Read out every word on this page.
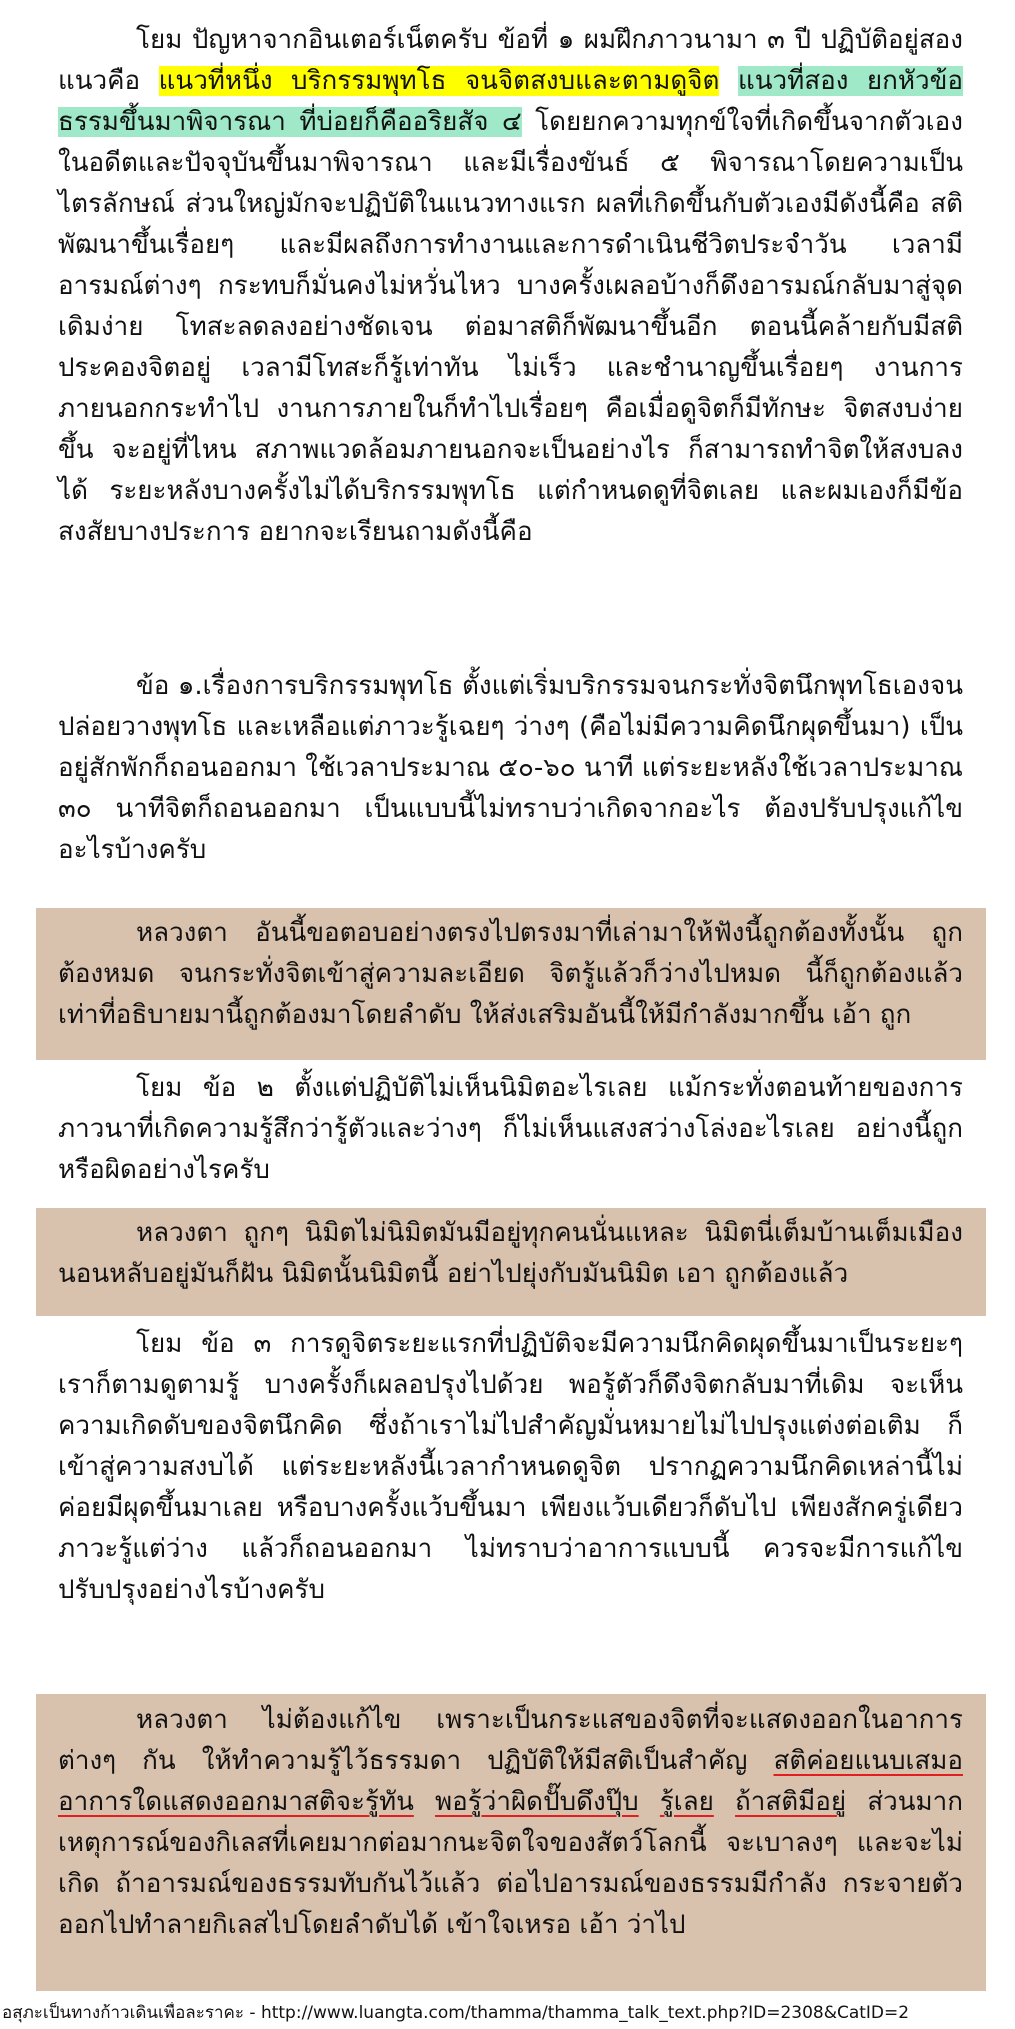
โยม ปัญหาจากอินเตอร์เน็ตครับ ข้อที่ ๑ ผมฝึกภาวนามา ๓ ปี ปฏิบัติอยู่สองแนวคือ แนวที่หนึ่ง บริกรรมพุทโธ จนจิตสงบและตามดูจิต แนวที่สอง ยกหัวข้อธรรมขึ้นมาพิจารณา ที่บ่อยก็คืออริยสัจ ๔ โดยยกความทุกข์ใจที่เกิดขึ้นจากตัวเองในอดีตและปัจจุบันขึ้นมาพิจารณา และมีเรื่องขันธ์ ๕ พิจารณาโดยความเป็นไตรลักษณ์ ส่วนใหญ่มักจะปฏิบัติในแนวทางแรก ผลที่เกิดขึ้นกับตัวเองมีดังนี้คือ สติพัฒนาขึ้นเรื่อยๆ และมีผลถึงการทำงานและการดำเนินชีวิตประจำวัน เวลามีอารมณ์ต่างๆ กระทบก็มั่นคงไม่หวั่นไหว บางครั้งเผลอบ้างก็ดึงอารมณ์กลับมาสู่จุดเดิมง่าย โทสะลดลงอย่างชัดเจน ต่อมาสติก็พัฒนาขึ้นอีก ตอนนี้คล้ายกับมีสติประคองจิตอยู่ เวลามีโทสะก็รู้เท่าทัน ไม่เร็ว และชำนาญขึ้นเรื่อยๆ งานการภายนอกกระทำไป งานการภายในก็ทำไปเรื่อยๆ คือเมื่อดูจิตก็มีทักษะ จิตสงบง่ายขึ้น จะอยู่ที่ไหน สภาพแวดล้อมภายนอกจะเป็นอย่างไร ก็สามารถทำจิตให้สงบลงได้ ระยะหลังบางครั้งไม่ได้บริกรรมพุทโธ แต่กำหนดดูที่จิตเลย และผมเองก็มีข้อสงสัยบางประการ อยากจะเรียนถามดังนี้คือ
ข้อ ๑.เรื่องการบริกรรมพุทโธ ตั้งแต่เริ่มบริกรรมจนกระทั่งจิตนึกพุทโธเองจนปล่อยวางพุทโธ และเหลือแต่ภาวะรู้เฉยๆ ว่างๆ (คือไม่มีความคิดนึกผุดขึ้นมา) เป็นอยู่สักพักก็ถอนออกมา ใช้เวลาประมาณ ๕๐-๖๐ นาที แต่ระยะหลังใช้เวลาประมาณ ๓๐ นาทีจิตก็ถอนออกมา เป็นแบบนี้ไม่ทราบว่าเกิดจากอะไร ต้องปรับปรุงแก้ไขอะไรบ้างครับ
หลวงตา อันนี้ขอตอบอย่างตรงไปตรงมาที่เล่ามาให้ฟังนี้ถูกต้องทั้งนั้น ถูกต้องหมด จนกระทั่งจิตเข้าสู่ความละเอียด จิตรู้แล้วก็ว่างไปหมด นี้ก็ถูกต้องแล้ว เท่าที่อธิบายมานี้ถูกต้องมาโดยลำดับ ให้ส่งเสริมอันนี้ให้มีกำลังมากขึ้น เอ้า ถูก
โยม ข้อ ๒ ตั้งแต่ปฏิบัติไม่เห็นนิมิตอะไรเลย แม้กระทั่งตอนท้ายของการภาวนาที่เกิดความรู้สึกว่ารู้ตัวและว่างๆ ก็ไม่เห็นแสงสว่างโล่งอะไรเลย อย่างนี้ถูกหรือผิดอย่างไรครับ
หลวงตา ถูกๆ นิมิตไม่นิมิตมันมีอยู่ทุกคนนั่นแหละ นิมิตนี่เต็มบ้านเต็มเมือง นอนหลับอยู่มันก็ฝัน นิมิตนั้นนิมิตนี้ อย่าไปยุ่งกับมันนิมิต เอา ถูกต้องแล้ว
โยม ข้อ ๓ การดูจิตระยะแรกที่ปฏิบัติจะมีความนึกคิดผุดขึ้นมาเป็นระยะๆ เราก็ตามดูตามรู้ บางครั้งก็เผลอปรุงไปด้วย พอรู้ตัวก็ดึงจิตกลับมาที่เดิม จะเห็นความเกิดดับของจิตนึกคิด ซึ่งถ้าเราไม่ไปสำคัญมั่นหมายไม่ไปปรุงแต่งต่อเติม ก็เข้าสู่ความสงบได้ แต่ระยะหลังนี้เวลากำหนดดูจิต ปรากฏความนึกคิดเหล่านี้ไม่ค่อยมีผุดขึ้นมาเลย หรือบางครั้งแว้บขึ้นมา เพียงแว้บเดียวก็ดับไป เพียงสักครู่เดียวภาวะรู้แต่ว่าง แล้วก็ถอนออกมา ไม่ทราบว่าอาการแบบนี้ ควรจะมีการแก้ไขปรับปรุงอย่างไรบ้างครับ
หลวงตา ไม่ต้องแก้ไข เพราะเป็นกระแสของจิตที่จะแสดงออกในอาการต่างๆ กัน ให้ทำความรู้ไว้ธรรมดา ปฏิบัติให้มีสติเป็นสำคัญ สติค่อยแนบเสมออาการใดแสดงออกมาสติจะรู้ทัน พอรู้ว่าผิดปั๊บดึงปุ๊บ รู้เลย ถ้าสติมีอยู่ ส่วนมากเหตุการณ์ของกิเลสที่เคยมากต่อมากนะจิตใจของสัตว์โลกนี้ จะเบาลงๆ และจะไม่เกิด ถ้าอารมณ์ของธรรมทับกันไว้แล้ว ต่อไปอารมณ์ของธรรมมีกำลัง กระจายตัวออกไปทำลายกิเลสไปโดยลำดับได้ เข้าใจเหรอ เอ้า ว่าไป
อสุภะเป็นทางก้าวเดินเพื่อละราคะ - http://www.luangta.com/thamma/thamma_talk_text.php?ID=2308&CatID=2
